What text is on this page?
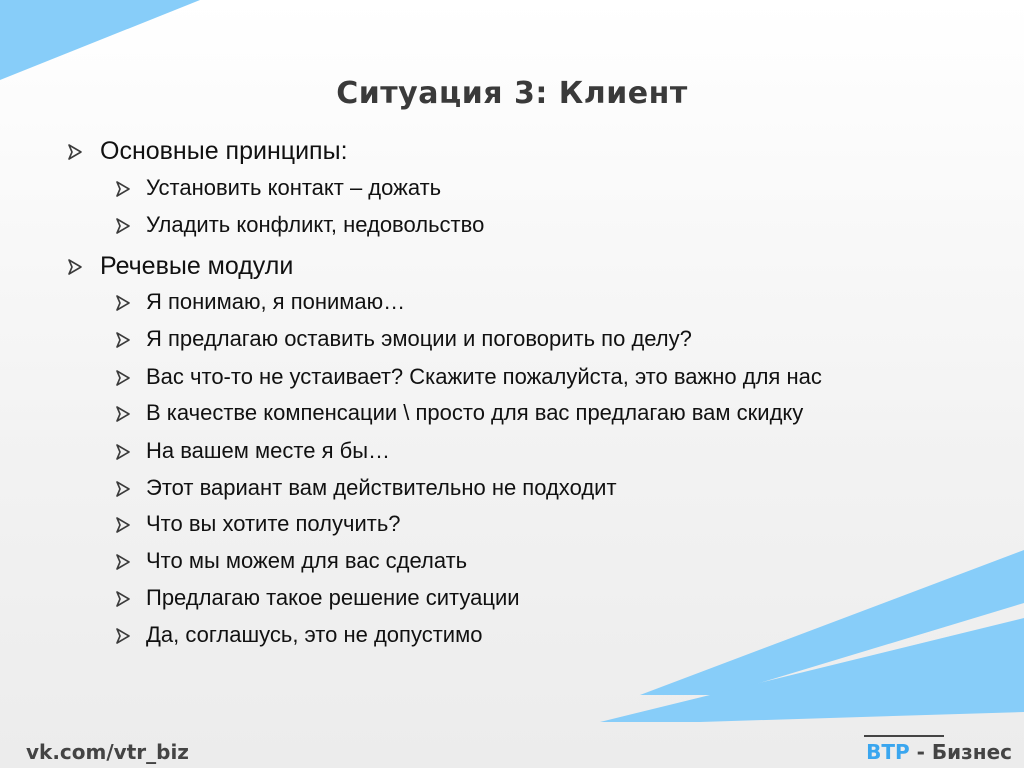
Ситуация 3: Клиент
Основные принципы:
Установить контакт – дожать
Уладить конфликт, недовольство
Речевые модули
Я понимаю, я понимаю…
Я предлагаю оставить эмоции и поговорить по делу?
Вас что-то не устаивает? Скажите пожалуйста, это важно для нас
В качестве компенсации \ просто для вас предлагаю вам скидку
На вашем месте я бы…
Этот вариант вам действительно не подходит
Что вы хотите получить?
Что мы можем для вас сделать
Предлагаю такое решение ситуации
Да, соглашусь, это не допустимо
vk.com/vtr_biz	ВТР - Бизнес
